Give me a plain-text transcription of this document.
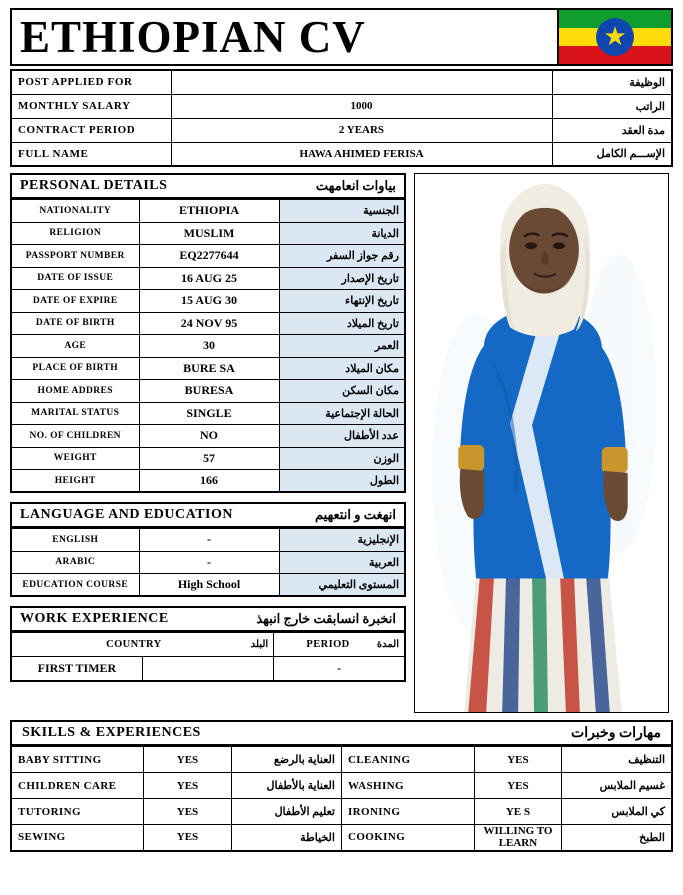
ETHIOPIAN CV	★
POST APPLIED FOR		الوظيفة
MONTHLY SALARY	1000	الراتب
CONTRACT PERIOD	2 YEARS	مدة العقد
FULL NAME	HAWA AHIMED FERISA	الإســـم الكامل
PERSONAL DETAILS	بياوات انعامهت
NATIONALITY	ETHIOPIA	الجنسية
RELIGION	MUSLIM	الديانة
PASSPORT NUMBER	EQ2277644	رقم جواز السفر
DATE OF ISSUE	16 AUG 25	تاريخ الإصدار
DATE OF EXPIRE	15 AUG 30	تاريخ الإنتهاء
DATE OF BIRTH	24 NOV 95	تاريخ الميلاد
AGE	30	العمر
PLACE OF BIRTH	BURE SA	مكان الميلاد
HOME ADDRES	BURESA	مكان السكن
MARITAL STATUS	SINGLE	الحالة الإجتماعية
NO. OF CHILDREN	NO	عدد الأطفال
WEIGHT	57	الوزن
HEIGHT	166	الطول
LANGUAGE AND EDUCATION	انهغت و انتعهيم
ENGLISH	-	الإنجليزية
ARABIC	-	العربية
EDUCATION COURSE	High School	المستوى التعليمي
WORK EXPERIENCE	انخبرة انسابقت خارج انبهذ
COUNTRY البلد		PERIOD المدة

FIRST TIMER		-
SKILLS & EXPERIENCES	مهارات وخبرات
BABY SITTING	YES	العناية بالرضع	CLEANING	YES	التنظيف
CHILDREN CARE	YES	العناية بالأطفال	WASHING	YES	غسيم الملابس
TUTORING	YES	تعليم الأطفال	IRONING	YE S	كي الملابس
SEWING	YES	الخياطة	COOKING	WILLING TO LEARN	الطبخ
